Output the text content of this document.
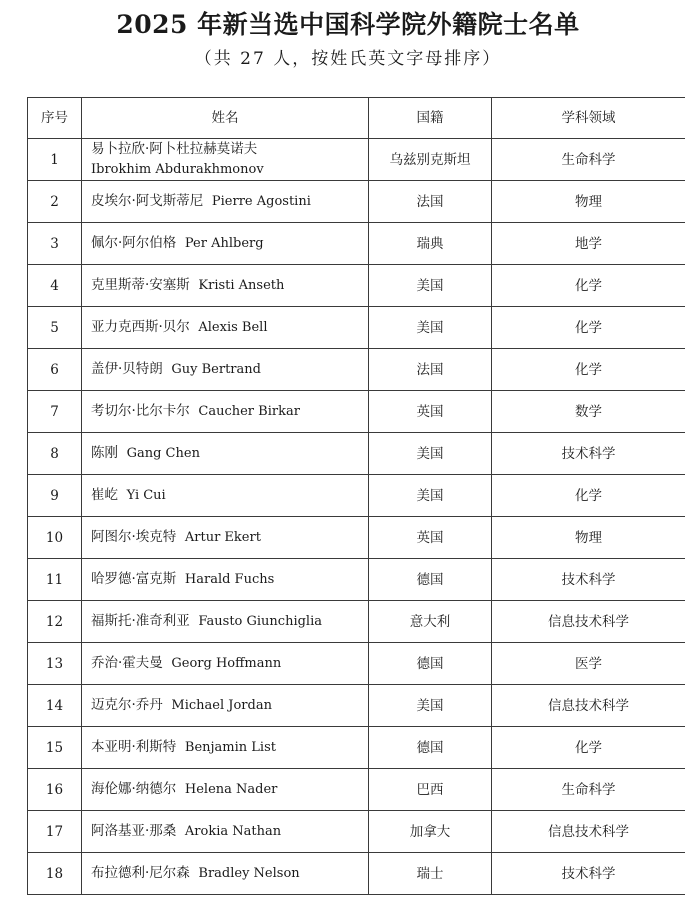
2025 年新当选中国科学院外籍院士名单
（共 27 人，按姓氏英文字母排序）
序号	姓名	国籍	学科领域
1	易卜拉欣·阿卜杜拉赫莫诺夫
Ibrokhim Abdurakhmonov	乌兹别克斯坦	生命科学
2	皮埃尔·阿戈斯蒂尼 Pierre Agostini	法国	物理
3	佩尔·阿尔伯格 Per Ahlberg	瑞典	地学
4	克里斯蒂·安塞斯 Kristi Anseth	美国	化学
5	亚力克西斯·贝尔 Alexis Bell	美国	化学
6	盖伊·贝特朗 Guy Bertrand	法国	化学
7	考切尔·比尔卡尔 Caucher Birkar	英国	数学
8	陈刚 Gang Chen	美国	技术科学
9	崔屹 Yi Cui	美国	化学
10	阿图尔·埃克特 Artur Ekert	英国	物理
11	哈罗德·富克斯 Harald Fuchs	德国	技术科学
12	福斯托·准奇利亚 Fausto Giunchiglia	意大利	信息技术科学
13	乔治·霍夫曼 Georg Hoffmann	德国	医学
14	迈克尔·乔丹 Michael Jordan	美国	信息技术科学
15	本亚明·利斯特 Benjamin List	德国	化学
16	海伦娜·纳德尔 Helena Nader	巴西	生命科学
17	阿洛基亚·那桑 Arokia Nathan	加拿大	信息技术科学
18	布拉德利·尼尔森 Bradley Nelson	瑞士	技术科学
